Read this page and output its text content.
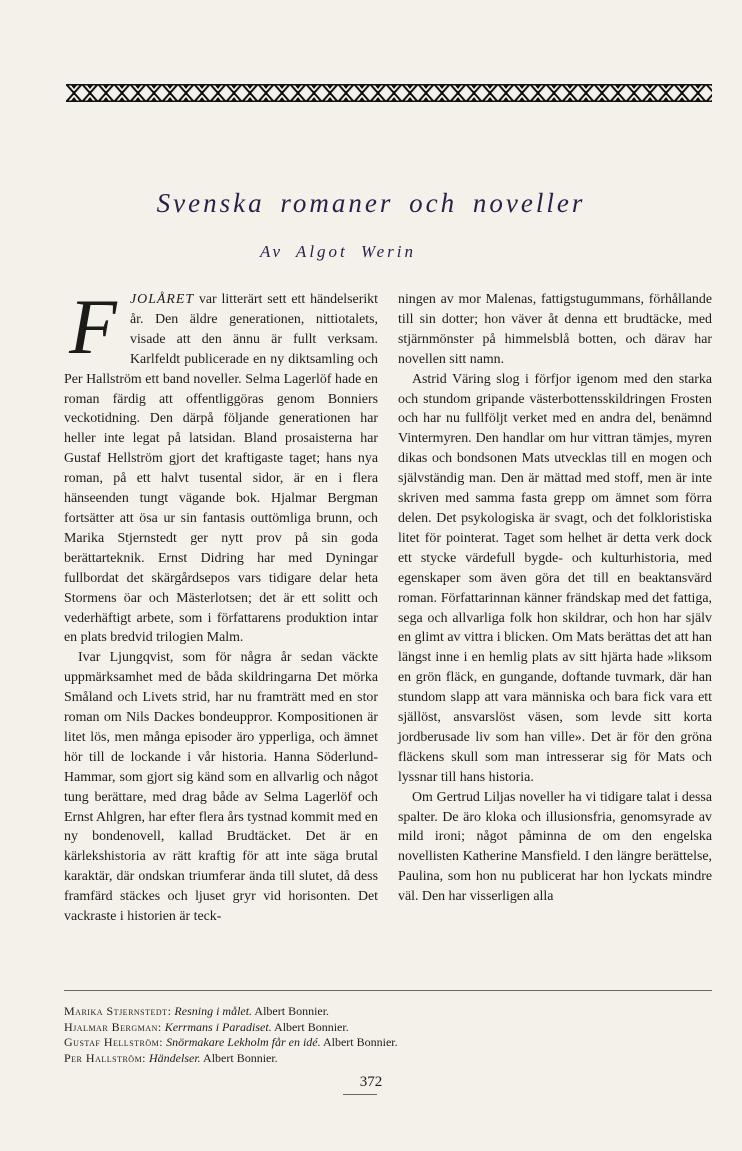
Svenska romaner och noveller
Av Algot Werin

FJOLÅRET var litterärt sett ett händelserikt år. Den äldre generationen, nittiotalets, visade att den ännu är fullt verksam. Karlfeldt publicerade en ny diktsamling och Per Hallström ett band noveller. Selma Lagerlöf hade en roman färdig att offentliggöras genom Bonniers veckotidning. Den därpå följande generationen har heller inte legat på latsidan. Bland prosaisterna har Gustaf Hellström gjort det kraftigaste taget; hans nya roman, på ett halvt tusental sidor, är en i flera hänseenden tungt vägande bok. Hjalmar Bergman fortsätter att ösa ur sin fantasis outtömliga brunn, och Marika Stjernstedt ger nytt prov på sin goda berättarteknik. Ernst Didring har med Dyningar fullbordat det skärgårdsepos vars tidigare delar heta Stormens öar och Mästerlotsen; det är ett solitt och vederhäftigt arbete, som i författarens produktion intar en plats bredvid trilogien Malm.

Ivar Ljungqvist, som för några år sedan väckte uppmärksamhet med de båda skildringarna Det mörka Småland och Livets strid, har nu framträtt med en stor roman om Nils Dackes bondeuppror. Kompositionen är litet lös, men många episoder äro ypperliga, och ämnet hör till de lockande i vår historia. Hanna Söderlund-Hammar, som gjort sig känd som en allvarlig och något tung berättare, med drag både av Selma Lagerlöf och Ernst Ahlgren, har efter flera års tystnad kommit med en ny bondenovell, kallad Brudtäcket. Det är en kärlekshistoria av rätt kraftig för att inte säga brutal karaktär, där ondskan triumferar ända till slutet, då dess framfärd stäckes och ljuset gryr vid horisonten. Det vackraste i historien är teck-

ningen av mor Malenas, fattigstugummans, förhållande till sin dotter; hon väver åt denna ett brudtäcke, med stjärnmönster på himmelsblå botten, och därav har novellen sitt namn.

Astrid Väring slog i förfjor igenom med den starka och stundom gripande västerbottensskildringen Frosten och har nu fullföljt verket med en andra del, benämnd Vintermyren. Den handlar om hur vittran tämjes, myren dikas och bondsonen Mats utvecklas till en mogen och självständig man. Den är mättad med stoff, men är inte skriven med samma fasta grepp om ämnet som förra delen. Det psykologiska är svagt, och det folkloristiska litet för pointerat. Taget som helhet är detta verk dock ett stycke värdefull bygde- och kulturhistoria, med egenskaper som även göra det till en beaktansvärd roman. Författarinnan känner frändskap med det fattiga, sega och allvarliga folk hon skildrar, och hon har själv en glimt av vittra i blicken. Om Mats berättas det att han längst inne i en hemlig plats av sitt hjärta hade »liksom en grön fläck, en gungande, doftande tuvmark, där han stundom slapp att vara människa och bara fick vara ett själlöst, ansvarslöst väsen, som levde sitt korta jordberusade liv som han ville». Det är för den gröna fläckens skull som man intresserar sig för Mats och lyssnar till hans historia.

Om Gertrud Liljas noveller ha vi tidigare talat i dessa spalter. De äro kloka och illusionsfria, genomsyrade av mild ironi; något påminna de om den engelska novellisten Katherine Mansfield. I den längre berättelse, Paulina, som hon nu publicerat har hon lyckats mindre väl. Den har visserligen alla

Marika Stjernstedt: Resning i målet. Albert Bonnier.
Hjalmar Bergman: Kerrmans i Paradiset. Albert Bonnier.
Gustaf Hellström: Snörmakare Lekholm får en idé. Albert Bonnier.
Per Hallström: Händelser. Albert Bonnier.
372
